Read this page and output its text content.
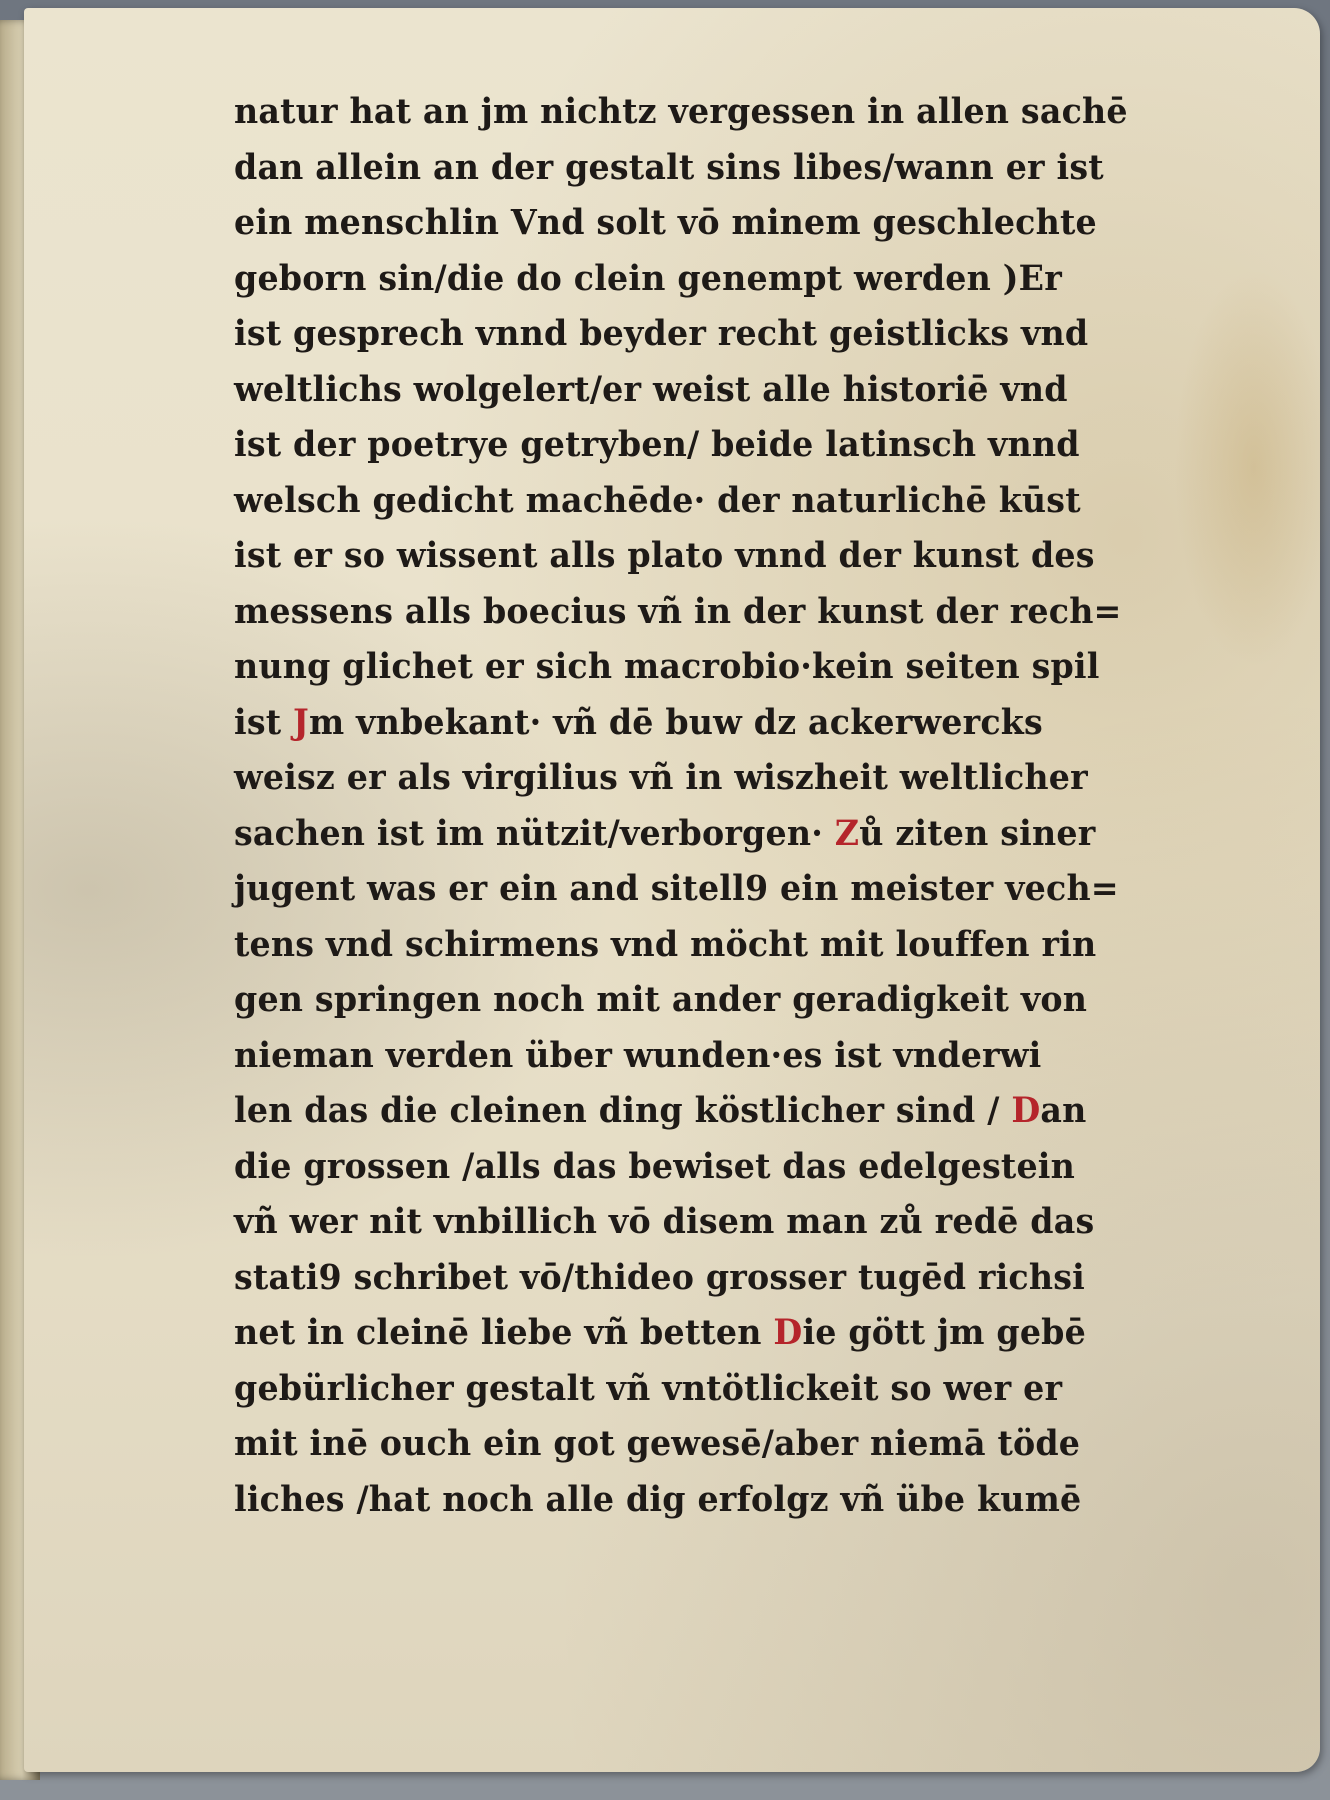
natur hat an jm nichtz vergessen in allen sachē
dan allein an der gestalt sins libes/wann er ist
ein menschlin Vnd solt vō minem geschlechte
geborn sin/die do clein genempt werden )Er
ist gesprech vnnd beyder recht geistlicks vnd
weltlichs wolgelert/er weist alle historiē vnd
ist der poetrye getryben/ beide latinsch vnnd
welsch gedicht machēde· der naturlichē kūst
ist er so wissent alls plato vnnd der kunst des
messens alls boecius vñ in der kunst der rech=
nung glichet er sich macrobio·kein seiten spil
ist Jm vnbekant· vñ dē buw dz ackerwercks
weisz er als virgilius vñ in wiszheit weltlicher
sachen ist im nützit/verborgen· Zů ziten siner
jugent was er ein and sitell9 ein meister vech=
tens vnd schirmens vnd möcht mit louffen rin
gen springen noch mit ander geradigkeit von
nieman verden über wunden·es ist vnderwi
len das die cleinen ding köstlicher sind / Dan
die grossen /alls das bewiset das edelgestein
vñ wer nit vnbillich vō disem man zů redē das
stati9 schribet vō/thideo grosser tugēd richsi
net in cleinē liebe vñ betten Die gött jm gebē
gebürlicher gestalt vñ vntötlickeit so wer er
mit inē ouch ein got gewesē/aber niemā töde
liches /hat noch alle dig erfolgz vñ übe kumē
